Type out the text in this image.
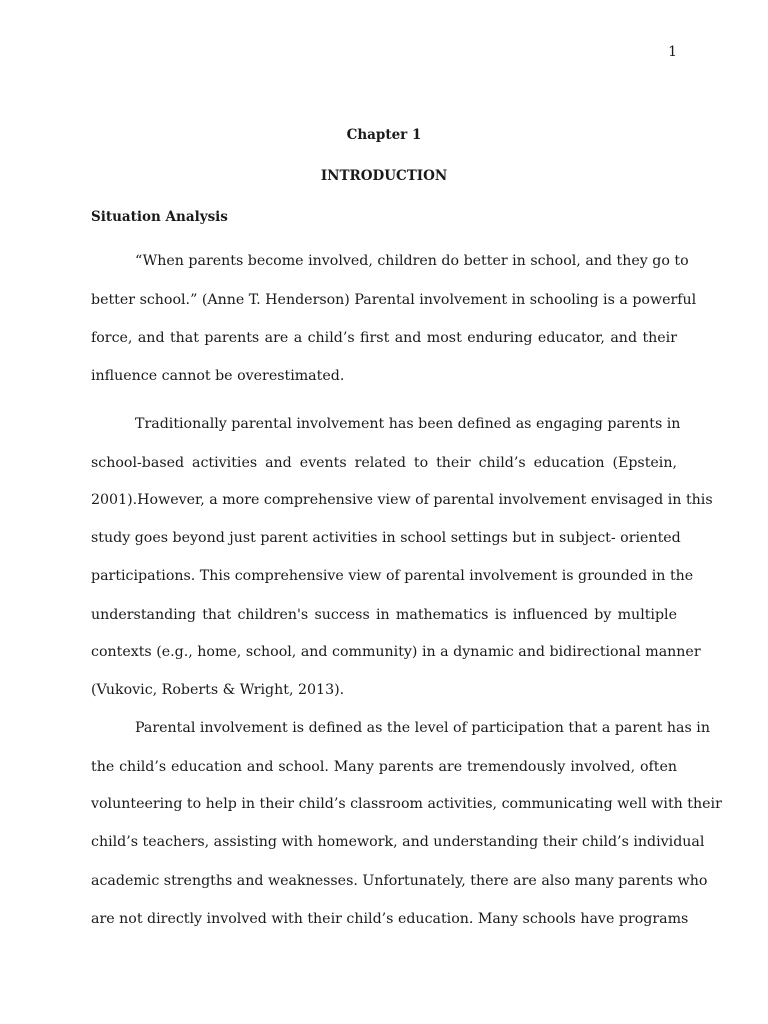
1
Chapter 1
INTRODUCTION
Situation Analysis
“When parents become involved, children do better in school, and they go to
better school.” (Anne T. Henderson) Parental involvement in schooling is a powerful
force, and that parents are a child’s first and most enduring educator, and their
influence cannot be overestimated.
Traditionally parental involvement has been defined as engaging parents in
school-based activities and events related to their child’s education (Epstein,
2001).However, a more comprehensive view of parental involvement envisaged in this
study goes beyond just parent activities in school settings but in subject- oriented
participations. This comprehensive view of parental involvement is grounded in the
understanding that children's success in mathematics is influenced by multiple
contexts (e.g., home, school, and community) in a dynamic and bidirectional manner
(Vukovic, Roberts & Wright, 2013).
Parental involvement is defined as the level of participation that a parent has in
the child’s education and school. Many parents are tremendously involved, often
volunteering to help in their child’s classroom activities, communicating well with their
child’s teachers, assisting with homework, and understanding their child’s individual
academic strengths and weaknesses. Unfortunately, there are also many parents who
are not directly involved with their child’s education. Many schools have programs
